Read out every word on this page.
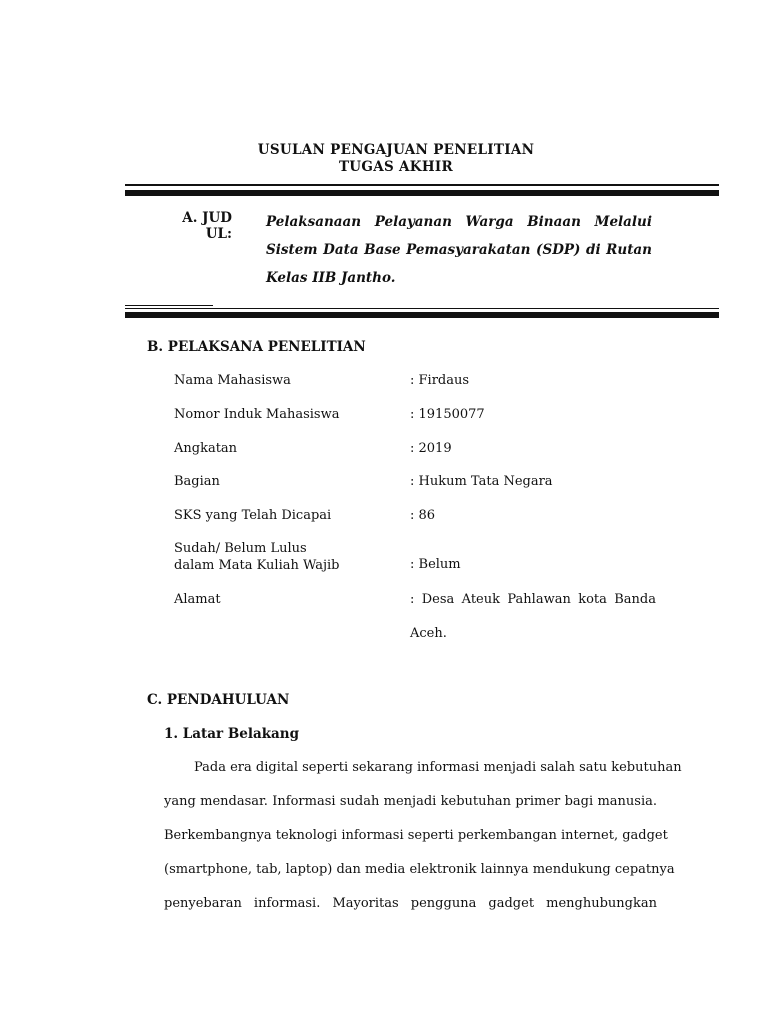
USULAN PENGAJUAN PENELITIAN
TUGAS AKHIR
A. JUD
UL:
Pelaksanaan Pelayanan Warga Binaan Melalui Sistem Data Base Pemasyarakatan (SDP) di Rutan Kelas IIB Jantho.
B. PELAKSANA PENELITIAN
Nama Mahasiswa	: Firdaus
Nomor Induk Mahasiswa	: 19150077
Angkatan	: 2019
Bagian	: Hukum Tata Negara
SKS yang Telah Dicapai	: 86
Sudah/ Belum Lulus
dalam Mata Kuliah Wajib	: Belum
Alamat	: Desa Ateuk Pahlawan kota Banda Aceh.
C. PENDAHULUAN
1. Latar Belakang
Pada era digital seperti sekarang informasi menjadi salah satu kebutuhan
yang mendasar. Informasi sudah menjadi kebutuhan primer bagi manusia.
Berkembangnya teknologi informasi seperti perkembangan internet, gadget
(smartphone, tab, laptop) dan media elektronik lainnya mendukung cepatnya
penyebaran informasi. Mayoritas pengguna gadget menghubungkan
